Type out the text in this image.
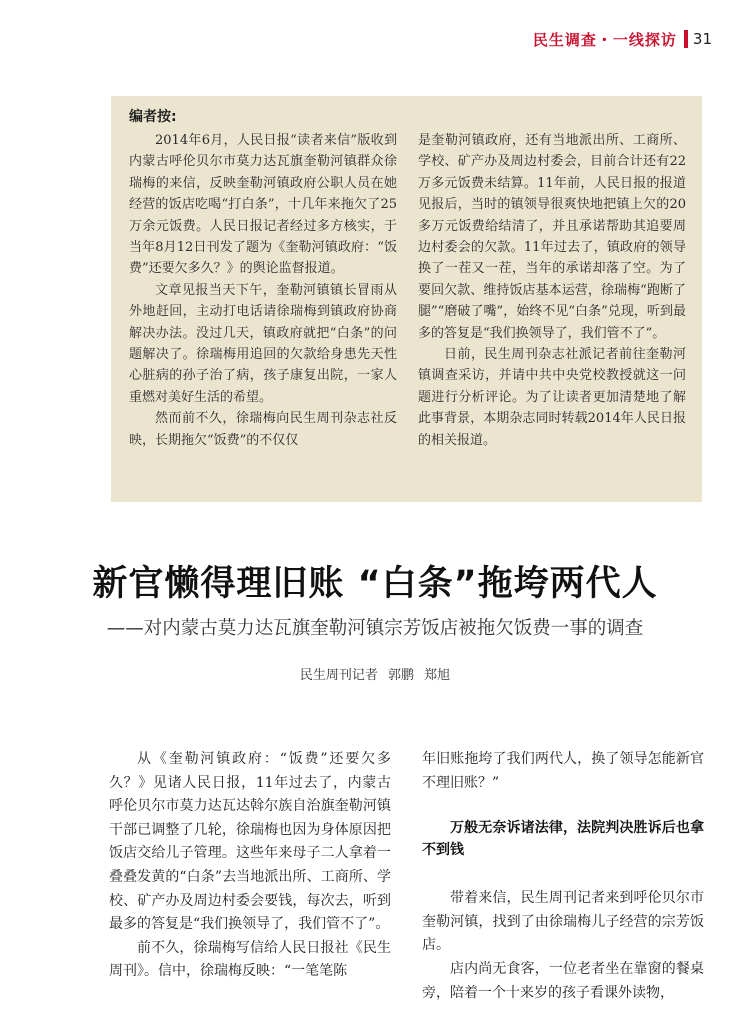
民生调查・一线探访 31
编者按:

2014年6月，人民日报“读者来信”版收到内蒙古呼伦贝尔市莫力达瓦旗奎勒河镇群众徐瑞梅的来信，反映奎勒河镇政府公职人员在她经营的饭店吃喝“打白条”，十几年来拖欠了25万余元饭费。人民日报记者经过多方核实，于当年8月12日刊发了题为《奎勒河镇政府：“饭费”还要欠多久？》的舆论监督报道。

文章见报当天下午，奎勒河镇镇长冒雨从外地赶回，主动打电话请徐瑞梅到镇政府协商解决办法。没过几天，镇政府就把“白条”的问题解决了。徐瑞梅用追回的欠款给身患先天性心脏病的孙子治了病，孩子康复出院，一家人重燃对美好生活的希望。

然而前不久，徐瑞梅向民生周刊杂志社反映，长期拖欠“饭费”的不仅仅

是奎勒河镇政府，还有当地派出所、工商所、学校、矿产办及周边村委会，目前合计还有22万多元饭费未结算。11年前，人民日报的报道见报后，当时的镇领导很爽快地把镇上欠的20多万元饭费给结清了，并且承诺帮助其追要周边村委会的欠款。11年过去了，镇政府的领导换了一茬又一茬，当年的承诺却落了空。为了要回欠款、维持饭店基本运营，徐瑞梅“跑断了腿”“磨破了嘴”，始终不见“白条”兑现，听到最多的答复是“我们换领导了，我们管不了”。

日前，民生周刊杂志社派记者前往奎勒河镇调查采访，并请中共中央党校教授就这一问题进行分析评论。为了让读者更加清楚地了解此事背景，本期杂志同时转载2014年人民日报的相关报道。

新官懒得理旧账 “白条”拖垮两代人
——对内蒙古莫力达瓦旗奎勒河镇宗芳饭店被拖欠饭费一事的调查
民生周刊记者 郭鹏 郑旭

从《奎勒河镇政府：“饭费”还要欠多久？》见诸人民日报，11年过去了，内蒙古呼伦贝尔市莫力达瓦达斡尔族自治旗奎勒河镇干部已调整了几轮，徐瑞梅也因为身体原因把饭店交给儿子管理。这些年来母子二人拿着一叠叠发黄的“白条”去当地派出所、工商所、学校、矿产办及周边村委会要钱，每次去，听到最多的答复是“我们换领导了，我们管不了”。

前不久，徐瑞梅写信给人民日报社《民生周刊》。信中，徐瑞梅反映：“一笔笔陈

年旧账拖垮了我们两代人，换了领导怎能新官不理旧账？”
万般无奈诉诸法律，法院判决胜诉后也拿不到钱

带着来信，民生周刊记者来到呼伦贝尔市奎勒河镇，找到了由徐瑞梅儿子经营的宗芳饭店。

店内尚无食客，一位老者坐在靠窗的餐桌旁，陪着一个十来岁的孩子看课外读物，
